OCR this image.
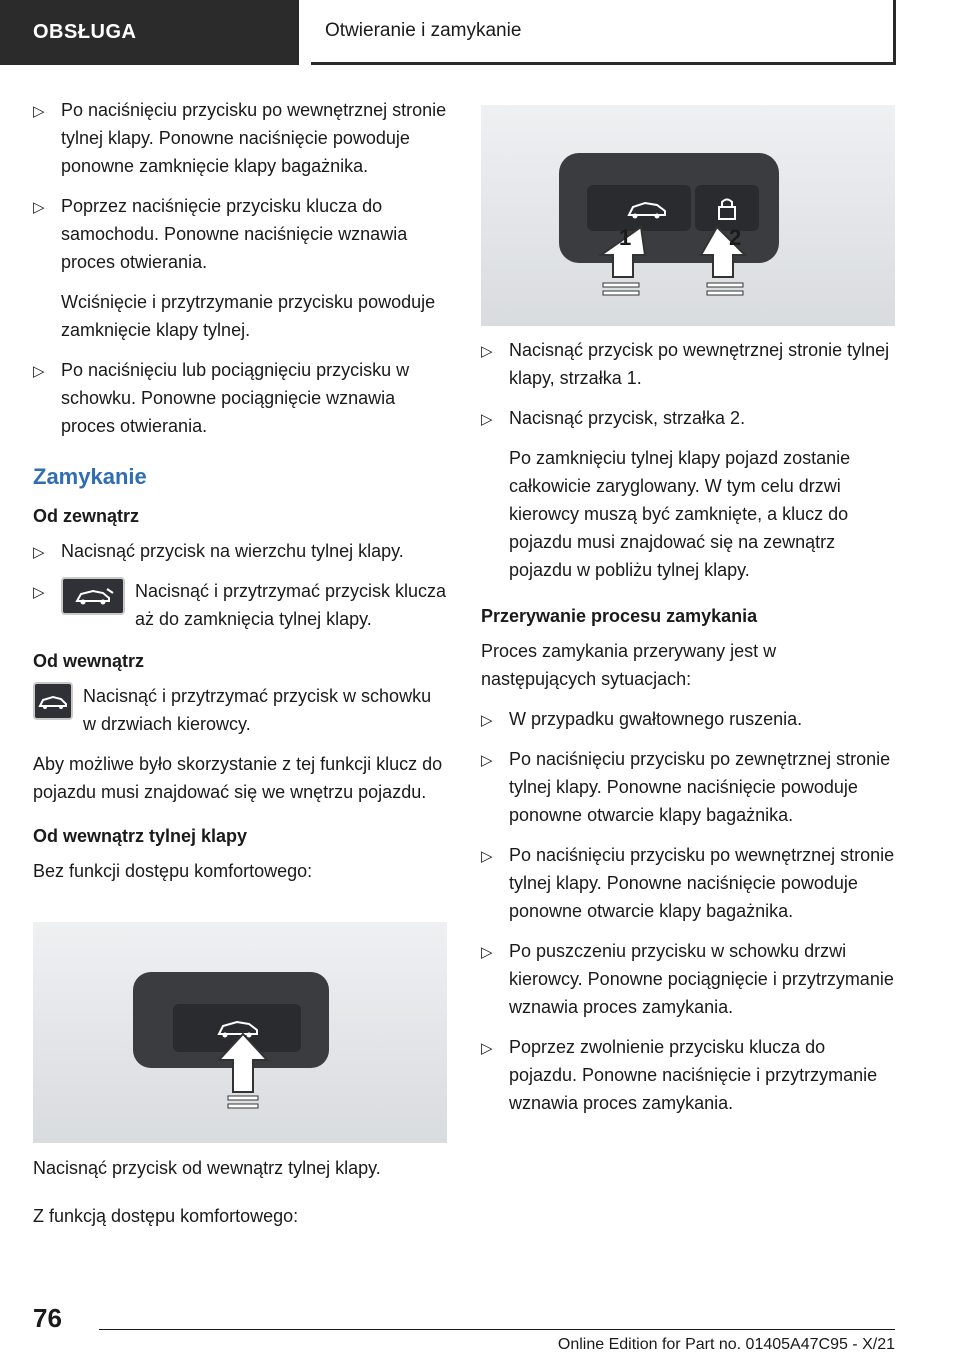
OBSŁUGA	Otwieranie i zamykanie
▷ Po naciśnięciu przycisku po wewnętrznej stronie tylnej klapy. Ponowne naciśnięcie powoduje ponowne zamknięcie klapy bagażnika.
▷ Poprzez naciśnięcie przycisku klucza do samochodu. Ponowne naciśnięcie wznawia proces otwierania.
Wciśnięcie i przytrzymanie przycisku powoduje zamknięcie klapy tylnej.
▷ Po naciśnięciu lub pociągnięciu przycisku w schowku. Ponowne pociągnięcie wznawia proces otwierania.
Zamykanie
Od zewnątrz
▷ Nacisnąć przycisk na wierzchu tylnej klapy.
▷	Nacisnąć i przytrzymać przycisk klucza aż do zamknięcia tylnej klapy.
Od wewnątrz
Nacisnąć i przytrzymać przycisk w schowku w drzwiach kierowcy.
Aby możliwe było skorzystanie z tej funkcji klucz do pojazdu musi znajdować się we wnętrzu pojazdu.
Od wewnątrz tylnej klapy
Bez funkcji dostępu komfortowego:
Nacisnąć przycisk od wewnątrz tylnej klapy.
Z funkcją dostępu komfortowego:
1	2
▷ Nacisnąć przycisk po wewnętrznej stronie tylnej klapy, strzałka 1.
▷ Nacisnąć przycisk, strzałka 2.
Po zamknięciu tylnej klapy pojazd zostanie całkowicie zaryglowany. W tym celu drzwi kierowcy muszą być zamknięte, a klucz do pojazdu musi znajdować się na zewnątrz pojazdu w pobliżu tylnej klapy.
Przerywanie procesu zamykania
Proces zamykania przerywany jest w następujących sytuacjach:
▷ W przypadku gwałtownego ruszenia.
▷ Po naciśnięciu przycisku po zewnętrznej stronie tylnej klapy. Ponowne naciśnięcie powoduje ponowne otwarcie klapy bagażnika.
▷ Po naciśnięciu przycisku po wewnętrznej stronie tylnej klapy. Ponowne naciśnięcie powoduje ponowne otwarcie klapy bagażnika.
▷ Po puszczeniu przycisku w schowku drzwi kierowcy. Ponowne pociągnięcie i przytrzymanie wznawia proces zamykania.
▷ Poprzez zwolnienie przycisku klucza do pojazdu. Ponowne naciśnięcie i przytrzymanie wznawia proces zamykania.
76
Online Edition for Part no. 01405A47C95 - X/21
